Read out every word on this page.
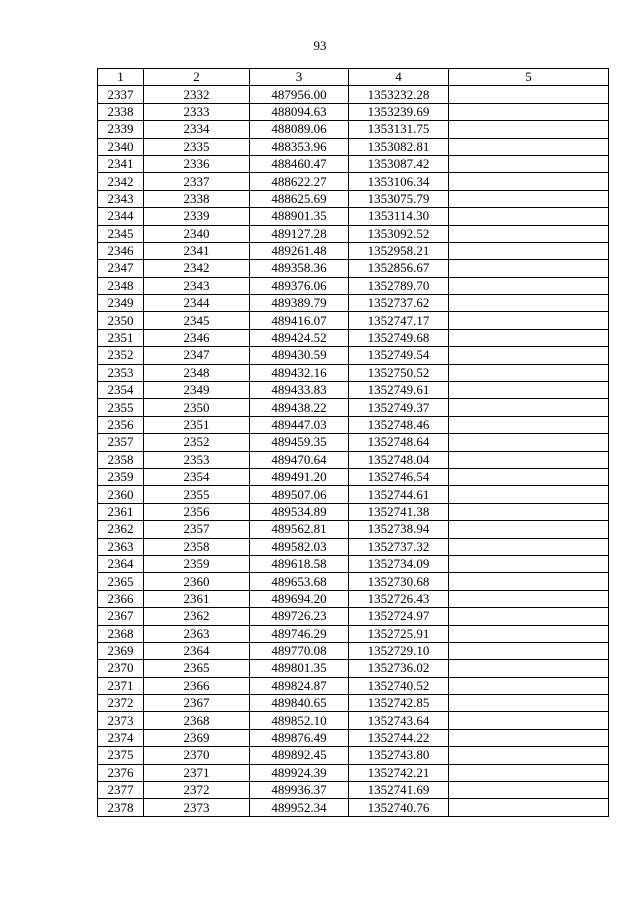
93
1	2	3	4	5
2337	2332	487956.00	1353232.28	
2338	2333	488094.63	1353239.69	
2339	2334	488089.06	1353131.75	
2340	2335	488353.96	1353082.81	
2341	2336	488460.47	1353087.42	
2342	2337	488622.27	1353106.34	
2343	2338	488625.69	1353075.79	
2344	2339	488901.35	1353114.30	
2345	2340	489127.28	1353092.52	
2346	2341	489261.48	1352958.21	
2347	2342	489358.36	1352856.67	
2348	2343	489376.06	1352789.70	
2349	2344	489389.79	1352737.62	
2350	2345	489416.07	1352747.17	
2351	2346	489424.52	1352749.68	
2352	2347	489430.59	1352749.54	
2353	2348	489432.16	1352750.52	
2354	2349	489433.83	1352749.61	
2355	2350	489438.22	1352749.37	
2356	2351	489447.03	1352748.46	
2357	2352	489459.35	1352748.64	
2358	2353	489470.64	1352748.04	
2359	2354	489491.20	1352746.54	
2360	2355	489507.06	1352744.61	
2361	2356	489534.89	1352741.38	
2362	2357	489562.81	1352738.94	
2363	2358	489582.03	1352737.32	
2364	2359	489618.58	1352734.09	
2365	2360	489653.68	1352730.68	
2366	2361	489694.20	1352726.43	
2367	2362	489726.23	1352724.97	
2368	2363	489746.29	1352725.91	
2369	2364	489770.08	1352729.10	
2370	2365	489801.35	1352736.02	
2371	2366	489824.87	1352740.52	
2372	2367	489840.65	1352742.85	
2373	2368	489852.10	1352743.64	
2374	2369	489876.49	1352744.22	
2375	2370	489892.45	1352743.80	
2376	2371	489924.39	1352742.21	
2377	2372	489936.37	1352741.69	
2378	2373	489952.34	1352740.76	
